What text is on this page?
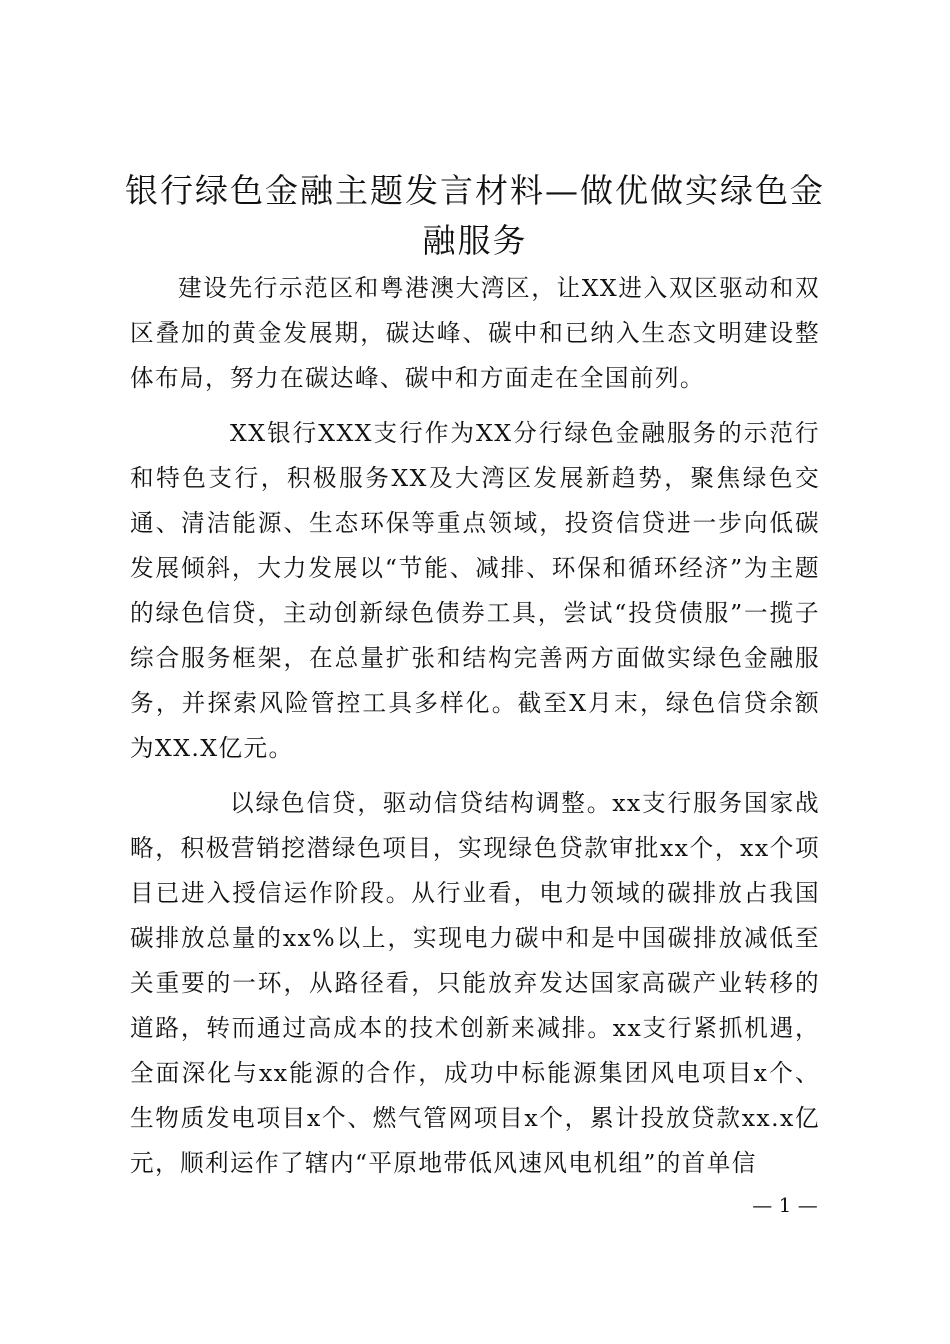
银行绿色金融主题发言材料—做优做实绿色金融服务

建设先行示范区和粤港澳大湾区，让XX进入双区驱动和双区叠加的黄金发展期，碳达峰、碳中和已纳入生态文明建设整体布局，努力在碳达峰、碳中和方面走在全国前列。

XX银行XXX支行作为XX分行绿色金融服务的示范行和特色支行，积极服务XX及大湾区发展新趋势，聚焦绿色交通、清洁能源、生态环保等重点领域，投资信贷进一步向低碳发展倾斜，大力发展以“节能、减排、环保和循环经济”为主题的绿色信贷，主动创新绿色债券工具，尝试“投贷债服”一揽子综合服务框架，在总量扩张和结构完善两方面做实绿色金融服务，并探索风险管控工具多样化。截至X月末，绿色信贷余额为XX.X亿元。

以绿色信贷，驱动信贷结构调整。xx支行服务国家战略，积极营销挖潜绿色项目，实现绿色贷款审批xx个，xx个项目已进入授信运作阶段。从行业看，电力领域的碳排放占我国碳排放总量的xx%以上，实现电力碳中和是中国碳排放减低至关重要的一环，从路径看，只能放弃发达国家高碳产业转移的道路，转而通过高成本的技术创新来减排。xx支行紧抓机遇，全面深化与xx能源的合作，成功中标能源集团风电项目x个、生物质发电项目x个、燃气管网项目x个，累计投放贷款xx.x亿元，顺利运作了辖内“平原地带低风速风电机组”的首单信

— 1 —
